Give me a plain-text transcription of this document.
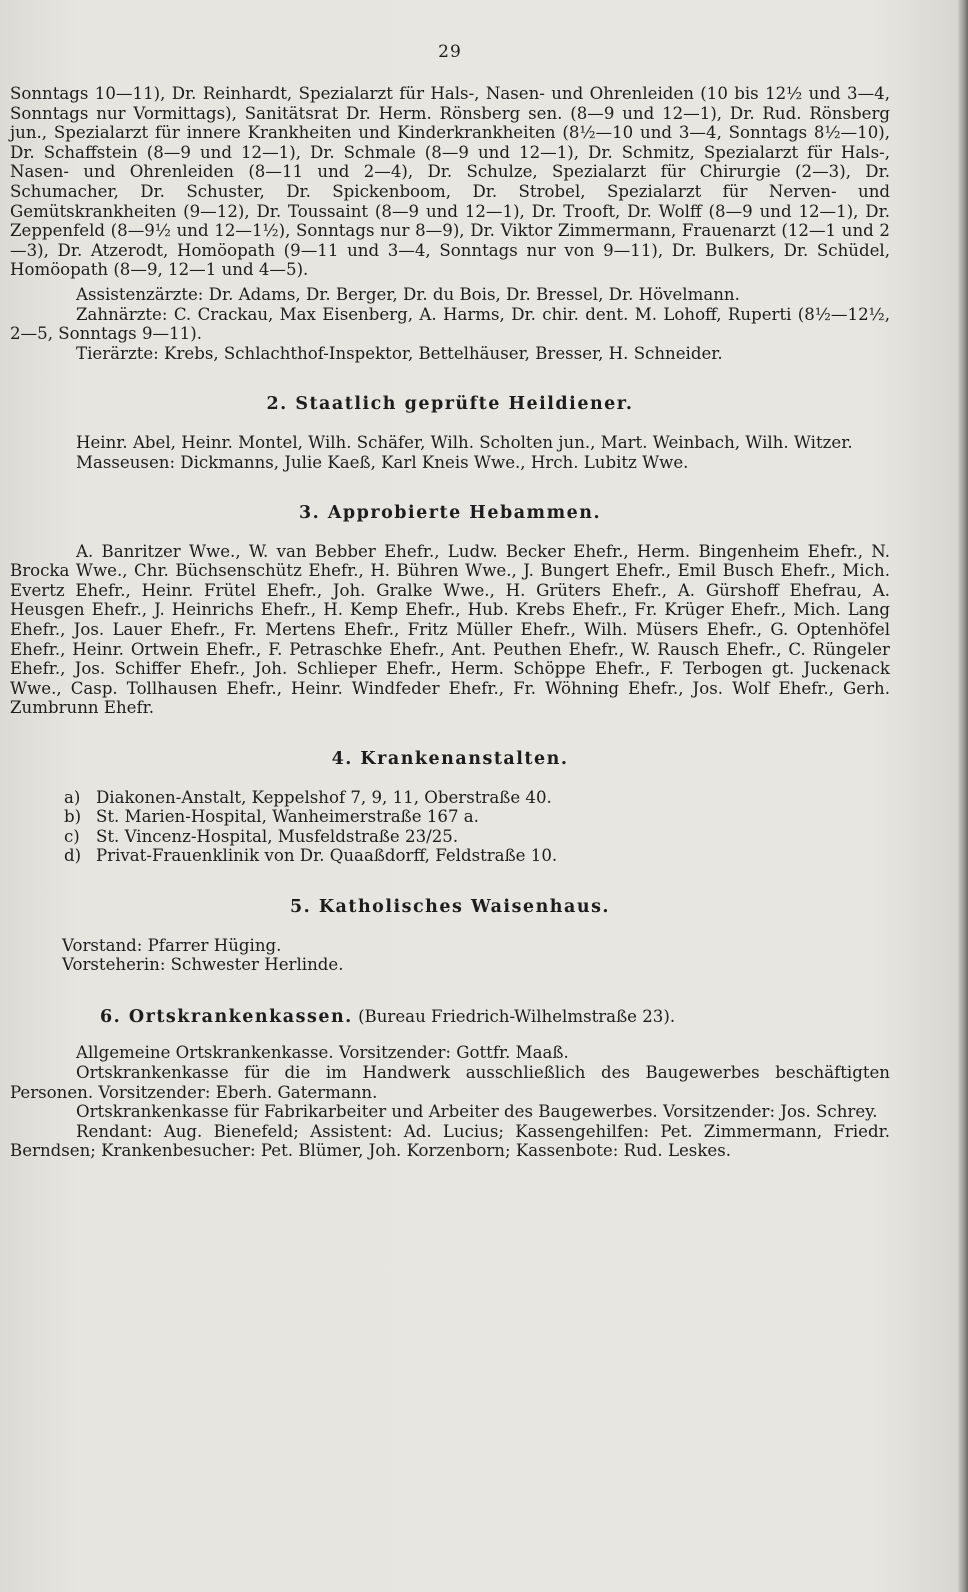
29

Sonntags 10—11), Dr. Reinhardt, Spezialarzt für Hals-, Nasen- und Ohrenleiden (10 bis 12½ und 3—4, Sonntags nur Vormittags), Sanitätsrat Dr. Herm. Rönsberg sen. (8—9 und 12—1), Dr. Rud. Rönsberg jun., Spezialarzt für innere Krankheiten und Kinderkrankheiten (8½—10 und 3—4, Sonntags 8½—10), Dr. Schaffstein (8—9 und 12—1), Dr. Schmale (8—9 und 12—1), Dr. Schmitz, Spezialarzt für Hals-, Nasen- und Ohrenleiden (8—11 und 2—4), Dr. Schulze, Spezialarzt für Chirurgie (2—3), Dr. Schumacher, Dr. Schuster, Dr. Spickenboom, Dr. Strobel, Spezialarzt für Nerven- und Gemütskrankheiten (9—12), Dr. Toussaint (8—9 und 12—1), Dr. Trooft, Dr. Wolff (8—9 und 12—1), Dr. Zeppenfeld (8—9½ und 12—1½), Sonntags nur 8—9), Dr. Viktor Zimmermann, Frauenarzt (12—1 und 2—3), Dr. Atzerodt, Homöopath (9—11 und 3—4, Sonntags nur von 9—11), Dr. Bulkers, Dr. Schüdel, Homöopath (8—9, 12—1 und 4—5).

Assistenzärzte: Dr. Adams, Dr. Berger, Dr. du Bois, Dr. Bressel, Dr. Hövelmann.

Zahnärzte: C. Crackau, Max Eisenberg, A. Harms, Dr. chir. dent. M. Lohoff, Ruperti (8½—12½, 2—5, Sonntags 9—11).

Tierärzte: Krebs, Schlachthof-Inspektor, Bettelhäuser, Bresser, H. Schneider.

2. Staatlich geprüfte Heildiener.

Heinr. Abel, Heinr. Montel, Wilh. Schäfer, Wilh. Scholten jun., Mart. Weinbach, Wilh. Witzer.

Masseusen: Dickmanns, Julie Kaeß, Karl Kneis Wwe., Hrch. Lubitz Wwe.

3. Approbierte Hebammen.

A. Banritzer Wwe., W. van Bebber Ehefr., Ludw. Becker Ehefr., Herm. Bingenheim Ehefr., N. Brocka Wwe., Chr. Büchsenschütz Ehefr., H. Bühren Wwe., J. Bungert Ehefr., Emil Busch Ehefr., Mich. Evertz Ehefr., Heinr. Frütel Ehefr., Joh. Gralke Wwe., H. Grüters Ehefr., A. Gürshoff Ehefrau, A. Heusgen Ehefr., J. Heinrichs Ehefr., H. Kemp Ehefr., Hub. Krebs Ehefr., Fr. Krüger Ehefr., Mich. Lang Ehefr., Jos. Lauer Ehefr., Fr. Mertens Ehefr., Fritz Müller Ehefr., Wilh. Müsers Ehefr., G. Optenhöfel Ehefr., Heinr. Ortwein Ehefr., F. Petraschke Ehefr., Ant. Peuthen Ehefr., W. Rausch Ehefr., C. Rüngeler Ehefr., Jos. Schiffer Ehefr., Joh. Schlieper Ehefr., Herm. Schöppe Ehefr., F. Terbogen gt. Juckenack Wwe., Casp. Tollhausen Ehefr., Heinr. Windfeder Ehefr., Fr. Wöhning Ehefr., Jos. Wolf Ehefr., Gerh. Zumbrunn Ehefr.

4. Krankenanstalten.
a) Diakonen-Anstalt, Keppelshof 7, 9, 11, Oberstraße 40.
b) St. Marien-Hospital, Wanheimerstraße 167 a.
c) St. Vincenz-Hospital, Musfeldstraße 23/25.
d) Privat-Frauenklinik von Dr. Quaaßdorff, Feldstraße 10.
5. Katholisches Waisenhaus.

Vorstand: Pfarrer Hüging.

Vorsteherin: Schwester Herlinde.

6. Ortskrankenkassen. (Bureau Friedrich-Wilhelmstraße 23).

Allgemeine Ortskrankenkasse. Vorsitzender: Gottfr. Maaß.

Ortskrankenkasse für die im Handwerk ausschließlich des Baugewerbes beschäftigten Personen. Vorsitzender: Eberh. Gatermann.

Ortskrankenkasse für Fabrikarbeiter und Arbeiter des Baugewerbes. Vorsitzender: Jos. Schrey.

Rendant: Aug. Bienefeld; Assistent: Ad. Lucius; Kassengehilfen: Pet. Zimmermann, Friedr. Berndsen; Krankenbesucher: Pet. Blümer, Joh. Korzenborn; Kassenbote: Rud. Leskes.
